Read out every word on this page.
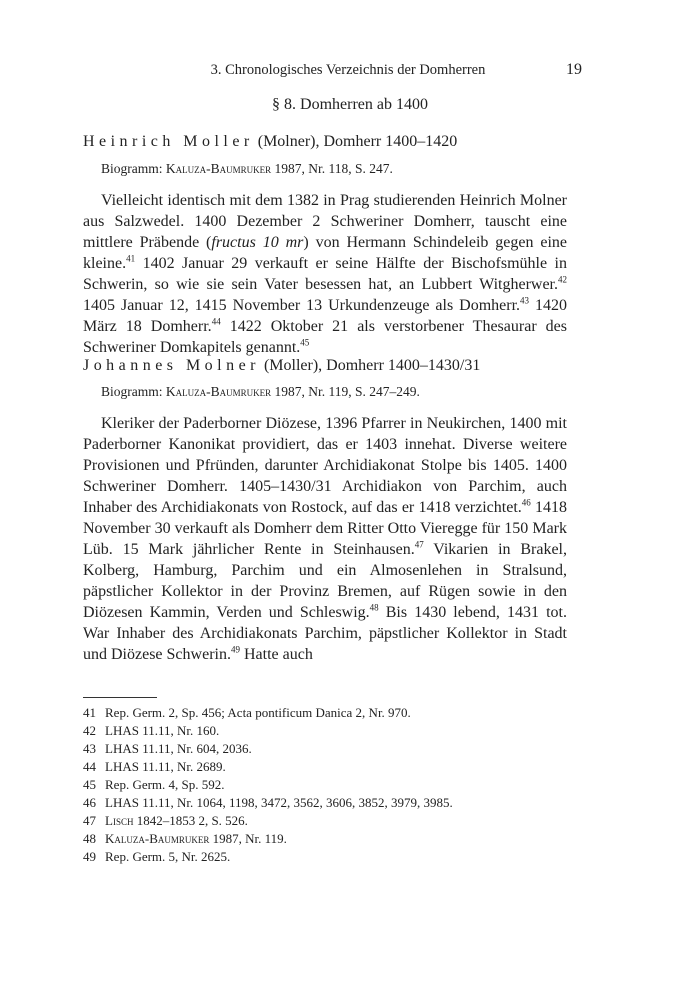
3. Chronologisches Verzeichnis der Domherren	19
§ 8. Domherren ab 1400
Heinrich Moller (Molner), Domherr 1400–1420
Biogramm: Kaluza-Baumruker 1987, Nr. 118, S. 247.

Vielleicht identisch mit dem 1382 in Prag studierenden Heinrich Molner aus Salzwedel. 1400 Dezember 2 Schweriner Domherr, tauscht eine mittlere Präbende (fructus 10 mr) von Hermann Schindeleib gegen eine kleine.$^{41}$ 1402 Januar 29 verkauft er seine Hälfte der Bischofsmühle in Schwerin, so wie sie sein Vater besessen hat, an Lubbert Witgherwer.$^{42}$ 1405 Januar 12, 1415 November 13 Urkundenzeuge als Domherr.$^{43}$ 1420 März 18 Domherr.$^{44}$ 1422 Oktober 21 als verstorbener Thesaurar des Schweriner Domkapitels genannt.$^{45}$

Johannes Molner (Moller), Domherr 1400–1430/31
Biogramm: Kaluza-Baumruker 1987, Nr. 119, S. 247–249.

Kleriker der Paderborner Diözese, 1396 Pfarrer in Neukirchen, 1400 mit Paderborner Kanonikat providiert, das er 1403 innehat. Diverse weitere Provisionen und Pfründen, darunter Archidiakonat Stolpe bis 1405. 1400 Schweriner Domherr. 1405–1430/31 Archidiakon von Parchim, auch Inhaber des Archidiakonats von Rostock, auf das er 1418 verzichtet.$^{46}$ 1418 November 30 verkauft als Domherr dem Ritter Otto Vieregge für 150 Mark Lüb. 15 Mark jährlicher Rente in Steinhausen.$^{47}$ Vikarien in Brakel, Kolberg, Hamburg, Parchim und ein Almosenlehen in Stralsund, päpstlicher Kollektor in der Provinz Bremen, auf Rügen sowie in den Diözesen Kammin, Verden und Schleswig.$^{48}$ Bis 1430 lebend, 1431 tot. War Inhaber des Archidiakonats Parchim, päpstlicher Kollektor in Stadt und Diözese Schwerin.$^{49}$ Hatte auch

41 Rep. Germ. 2, Sp. 456; Acta pontificum Danica 2, Nr. 970.
42 LHAS 11.11, Nr. 160.
43 LHAS 11.11, Nr. 604, 2036.
44 LHAS 11.11, Nr. 2689.
45 Rep. Germ. 4, Sp. 592.
46 LHAS 11.11, Nr. 1064, 1198, 3472, 3562, 3606, 3852, 3979, 3985.
47 Lisch 1842–1853 2, S. 526.
48 Kaluza-Baumruker 1987, Nr. 119.
49 Rep. Germ. 5, Nr. 2625.
